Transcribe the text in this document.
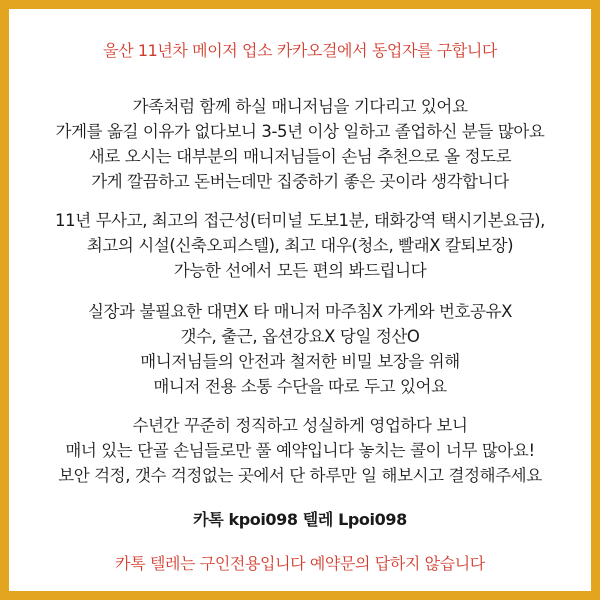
울산 11년차 메이저 업소 카카오걸에서 동업자를 구합니다
가족처럼 함께 하실 매니저님을 기다리고 있어요
가게를 옮길 이유가 없다보니 3-5년 이상 일하고 졸업하신 분들 많아요
새로 오시는 대부분의 매니저님들이 손님 추천으로 올 정도로
가게 깔끔하고 돈버는데만 집중하기 좋은 곳이라 생각합니다
11년 무사고, 최고의 접근성(터미널 도보1분, 태화강역 택시기본요금),
최고의 시설(신축오피스텔), 최고 대우(청소, 빨래X 칼퇴보장)
가능한 선에서 모든 편의 봐드립니다
실장과 불필요한 대면X 타 매니저 마주침X 가게와 번호공유X
갯수, 출근, 옵션강요X 당일 정산O
매니저님들의 안전과 철저한 비밀 보장을 위해
매니저 전용 소통 수단을 따로 두고 있어요
수년간 꾸준히 정직하고 성실하게 영업하다 보니
매너 있는 단골 손님들로만 풀 예약입니다 놓치는 콜이 너무 많아요!
보안 걱정, 갯수 걱정없는 곳에서 단 하루만 일 해보시고 결정해주세요
카톡 kpoi098 텔레 Lpoi098
카톡 텔레는 구인전용입니다 예약문의 답하지 않습니다
